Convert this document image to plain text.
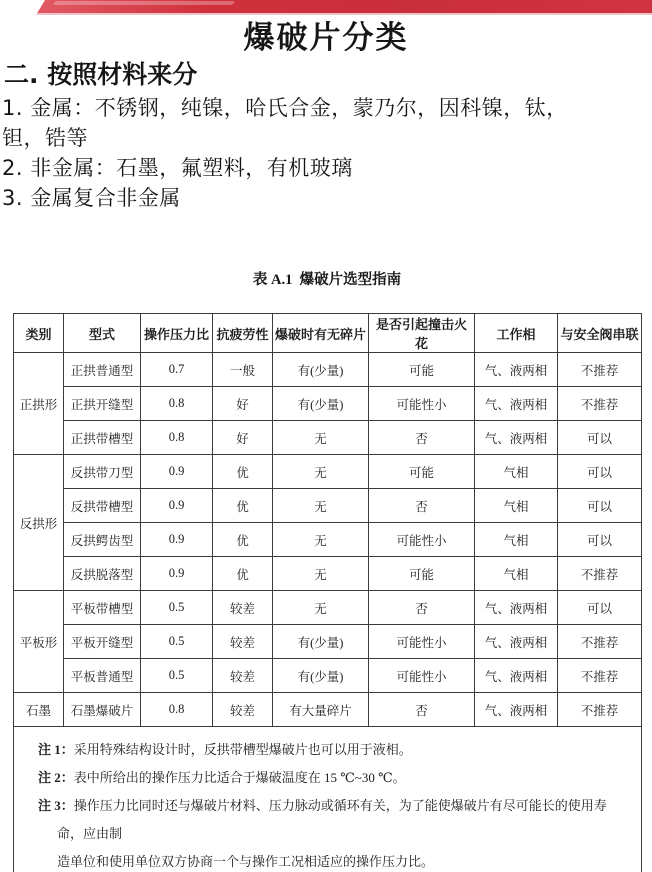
爆破片分类
二. 按照材料来分
1. 金属：不锈钢，纯镍，哈氏合金，蒙乃尔，因科镍，钛，
钽，锆等
2. 非金属：石墨，氟塑料，有机玻璃
3. 金属复合非金属
表 A.1  爆破片选型指南
类别	型式	操作压力比	抗疲劳性	爆破时有无碎片	是否引起撞击火花	工作相	与安全阀串联
正拱形	正拱普通型	0.7	一般	有(少量)	可能	气、液两相	不推荐
	正拱开缝型	0.8	好	有(少量)	可能性小	气、液两相	不推荐
	正拱带槽型	0.8	好	无	否	气、液两相	可以
反拱形	反拱带刀型	0.9	优	无	可能	气相	可以
	反拱带槽型	0.9	优	无	否	气相	可以
	反拱鳄齿型	0.9	优	无	可能性小	气相	可以
	反拱脱落型	0.9	优	无	可能	气相	不推荐
平板形	平板带槽型	0.5	较差	无	否	气、液两相	可以
	平板开缝型	0.5	较差	有(少量)	可能性小	气、液两相	不推荐
	平板普通型	0.5	较差	有(少量)	可能性小	气、液两相	不推荐
石墨	石墨爆破片	0.8	较差	有大量碎片	否	气、液两相	不推荐

注 1：采用特殊结构设计时，反拱带槽型爆破片也可以用于液相。
注 2：表中所给出的操作压力比适合于爆破温度在 15 ℃~30 ℃。
注 3：操作压力比同时还与爆破片材料、压力脉动或循环有关，为了能使爆破片有尽可能长的使用寿命，应由制
造单位和使用单位双方协商一个与操作工况相适应的操作压力比。							
